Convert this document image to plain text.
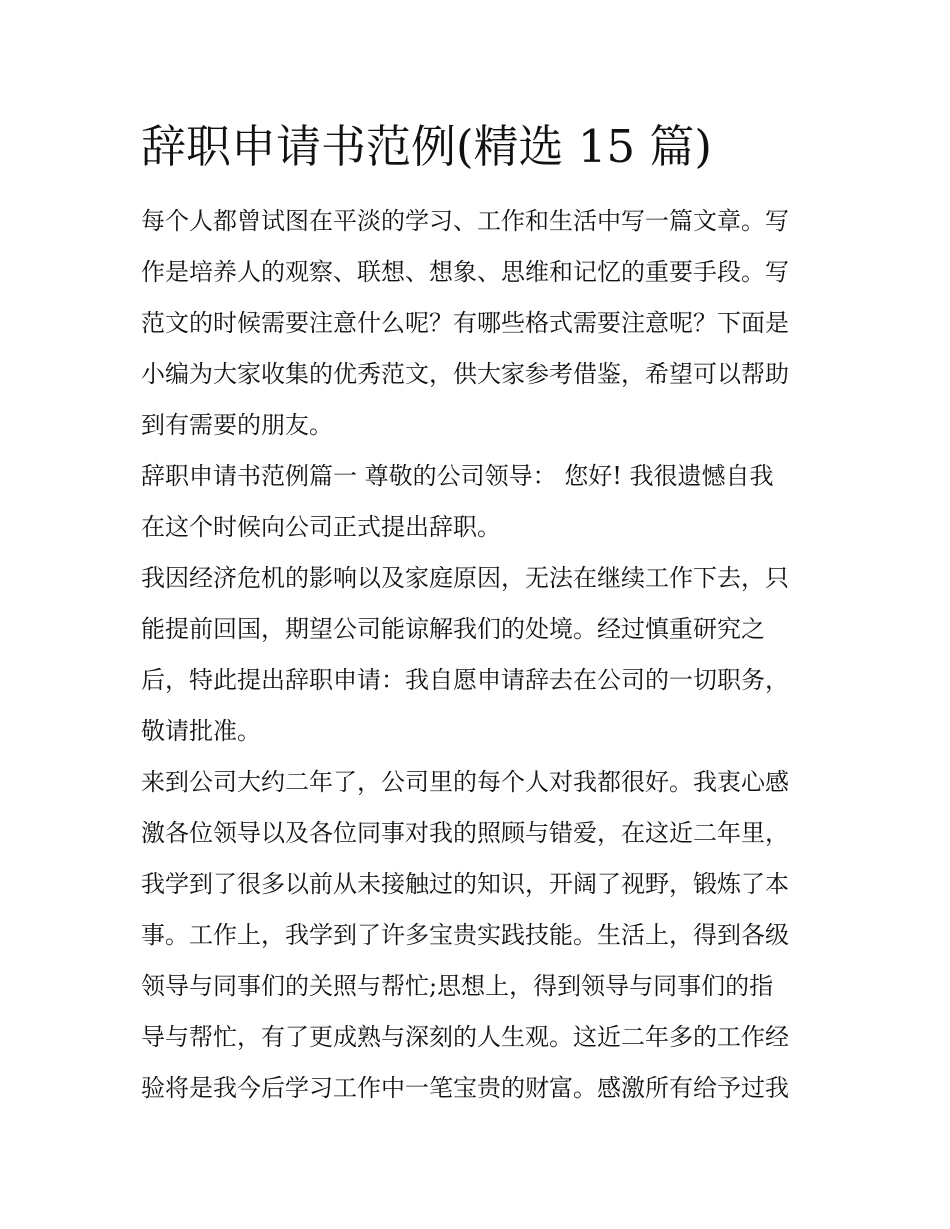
辞职申请书范例(精选 15 篇)

每个人都曾试图在平淡的学习、工作和生活中写一篇文章。写
作是培养人的观察、联想、想象、思维和记忆的重要手段。写
范文的时候需要注意什么呢？有哪些格式需要注意呢？下面是
小编为大家收集的优秀范文，供大家参考借鉴，希望可以帮助
到有需要的朋友。

辞职申请书范例篇一 尊敬的公司领导： 您好! 我很遗憾自我
在这个时候向公司正式提出辞职。

我因经济危机的影响以及家庭原因，无法在继续工作下去，只
能提前回国，期望公司能谅解我们的处境。经过慎重研究之
后，特此提出辞职申请：我自愿申请辞去在公司的一切职务，
敬请批准。

来到公司大约二年了，公司里的每个人对我都很好。我衷心感
激各位领导以及各位同事对我的照顾与错爱，在这近二年里，
我学到了很多以前从未接触过的知识，开阔了视野，锻炼了本
事。工作上，我学到了许多宝贵实践技能。生活上，得到各级
领导与同事们的关照与帮忙;思想上，得到领导与同事们的指
导与帮忙，有了更成熟与深刻的人生观。这近二年多的工作经
验将是我今后学习工作中一笔宝贵的财富。感激所有给予过我
